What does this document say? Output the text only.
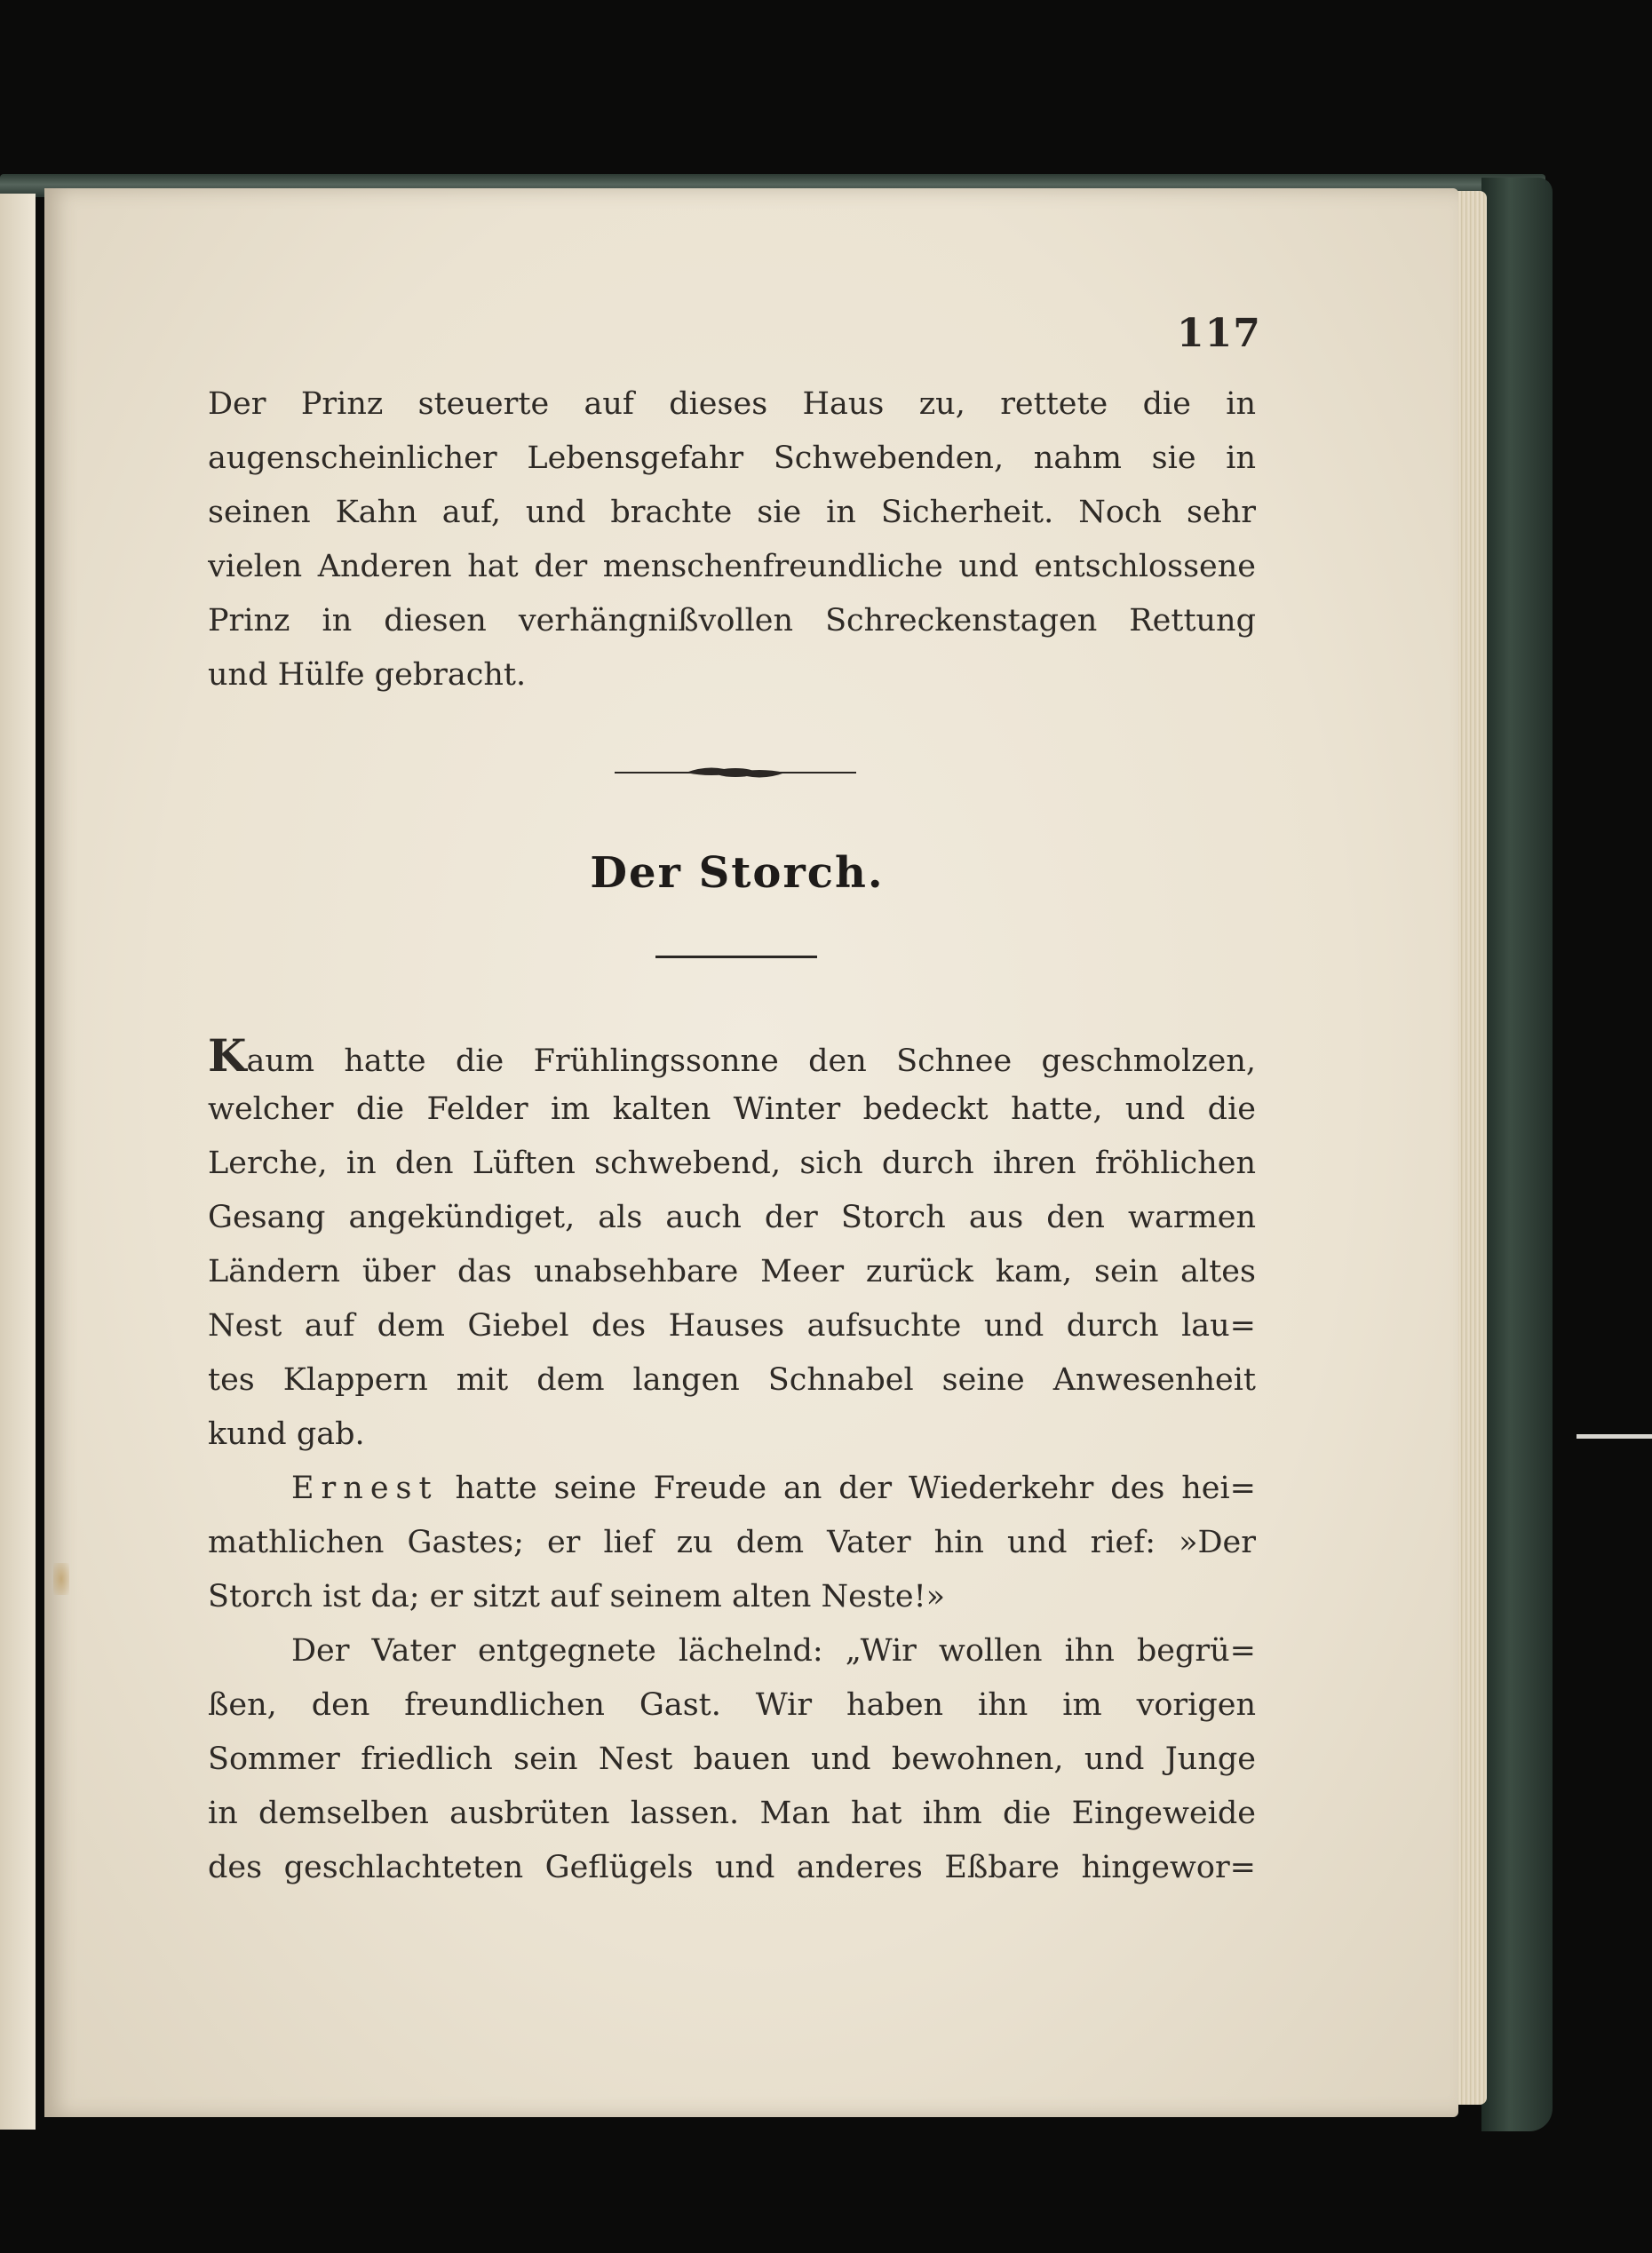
117
Der Prinz steuerte auf dieses Haus zu, rettete die in
augenscheinlicher Lebensgefahr Schwebenden, nahm sie in
seinen Kahn auf, und brachte sie in Sicherheit. Noch sehr
vielen Anderen hat der menschenfreundliche und entschlossene
Prinz in diesen verhängnißvollen Schreckenstagen Rettung
und Hülfe gebracht.
Der Storch.
Kaum hatte die Frühlingssonne den Schnee geschmolzen,
welcher die Felder im kalten Winter bedeckt hatte, und die
Lerche, in den Lüften schwebend, sich durch ihren fröhlichen
Gesang angekündiget, als auch der Storch aus den warmen
Ländern über das unabsehbare Meer zurück kam, sein altes
Nest auf dem Giebel des Hauses aufsuchte und durch lau=
tes Klappern mit dem langen Schnabel seine Anwesenheit
kund gab.
Ernest hatte seine Freude an der Wiederkehr des hei=
mathlichen Gastes; er lief zu dem Vater hin und rief: »Der
Storch ist da; er sitzt auf seinem alten Neste!»
Der Vater entgegnete lächelnd: „Wir wollen ihn begrü=
ßen, den freundlichen Gast. Wir haben ihn im vorigen
Sommer friedlich sein Nest bauen und bewohnen, und Junge
in demselben ausbrüten lassen. Man hat ihm die Eingeweide
des geschlachteten Geflügels und anderes Eßbare hingewor=
